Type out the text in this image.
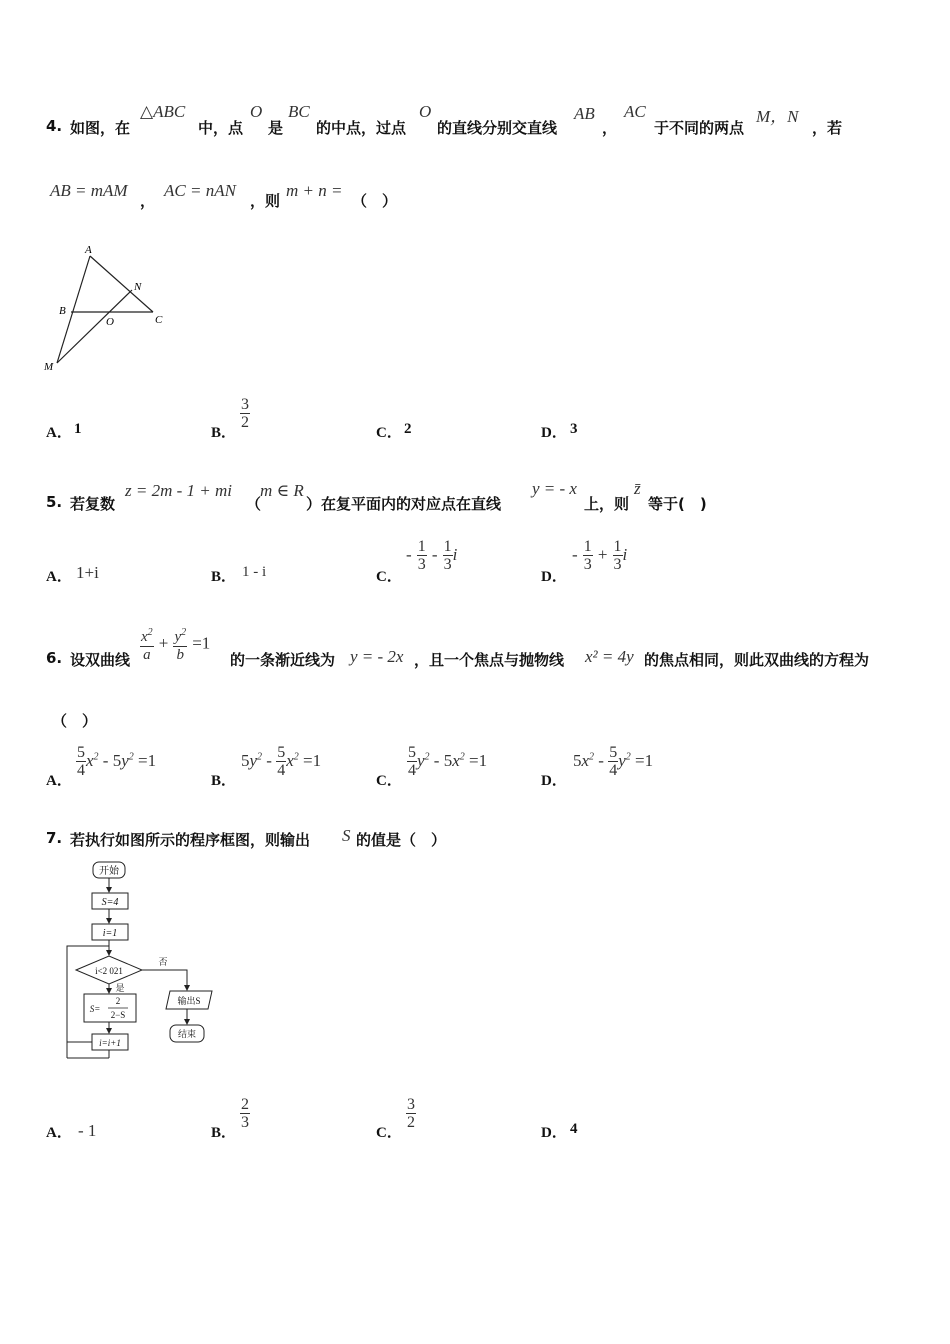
4. 如图，在
△ABC
中，点
O
是
BC
的中点，过点
O
的直线分别交直线
AB
，
AC
于不同的两点
M，N
，若
AB = mAM
，
AC = nAN
，则
m + n =
（　）
A
N
B
O	C
M
A． 1	B．
$\frac{3}{2}$
C． 2	D． 3
5. 若复数
z = 2m - 1 + mi
（
m ∈ R
）在复平面内的对应点在直线
y = - x
上，则
z̄
等于(　)
A． 1+i	B． 1 - i	C．
- $\frac{1}{3} - \frac{1}{3}$ i
D．
- $\frac{1}{3} + \frac{1}{3}$ i
6. 设双曲线 $\frac{x^2}{a} + \frac{y^2}{b} =1$
的一条渐近线为 y = - 2x ，且一个焦点与抛物线 x² = 4y 的焦点相同，则此双曲线的方程为
（　）
A．
$\frac{5}{4} x^2 - 5y^2 =1$
B．
$5y^2 - \frac{5}{4} x^2 =1$
C．
$\frac{5}{4} y^2 - 5x^2 =1$
D．
$5x^2 - \frac{5}{4} y^2 =1$
7. 若执行如图所示的程序框图，则输出 S 的值是（　）
开始
S=4
i=1
i<2 021
否
是
S=
2
2−S
i=i+1
输出S
结束
A． - 1	B．
$\frac{2}{3}$
C．
$\frac{3}{2}$
D． 4
